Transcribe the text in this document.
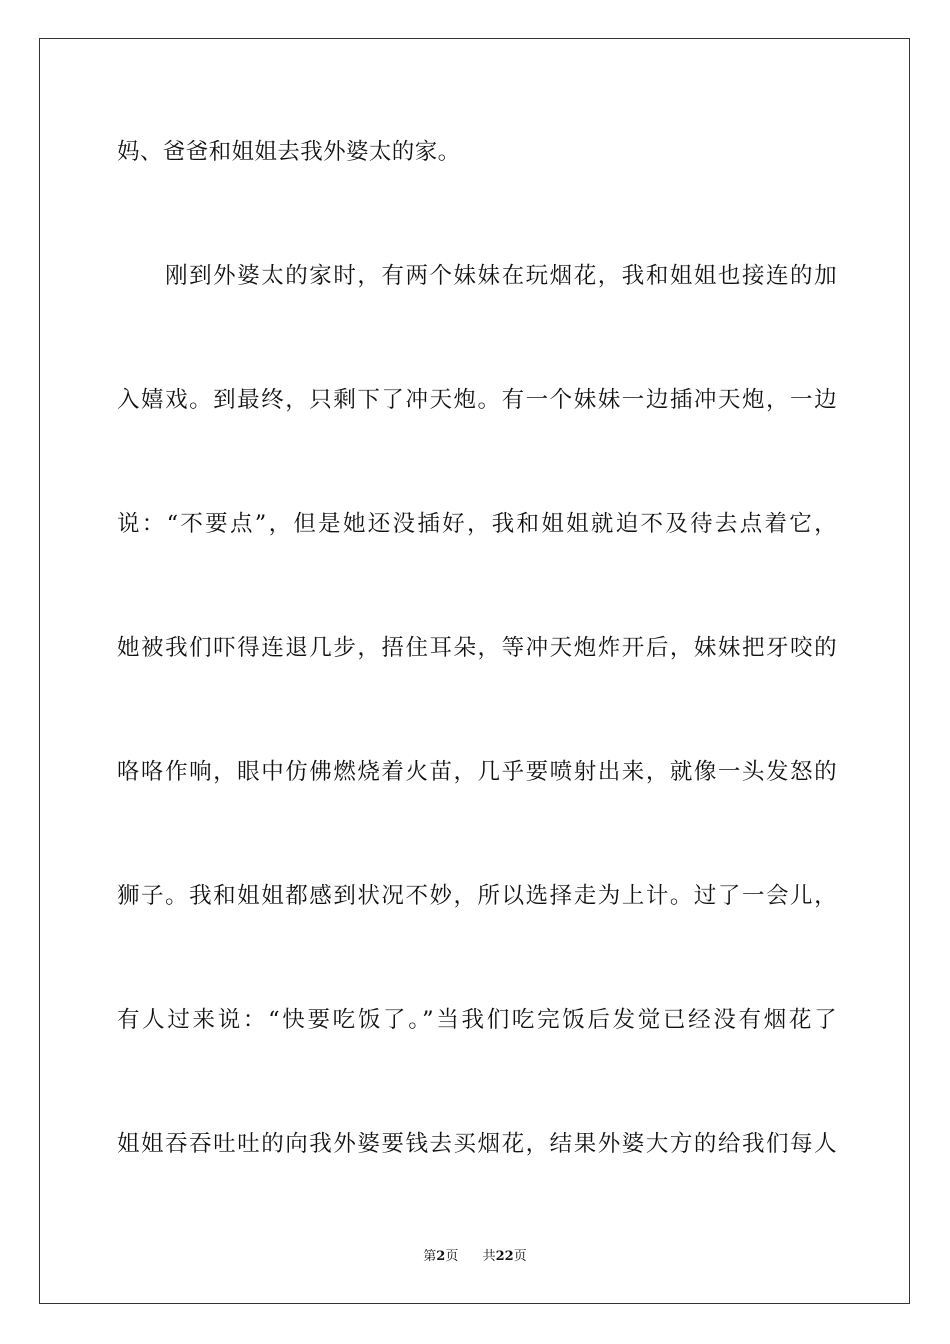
妈、爸爸和姐姐去我外婆太的家。
　　刚到外婆太的家时，有两个妹妹在玩烟花，我和姐姐也接连的加
入嬉戏。到最终，只剩下了冲天炮。有一个妹妹一边插冲天炮，一边
说：“不要点”，但是她还没插好，我和姐姐就迫不及待去点着它，
她被我们吓得连退几步，捂住耳朵，等冲天炮炸开后，妹妹把牙咬的
咯咯作响，眼中仿佛燃烧着火苗，几乎要喷射出来，就像一头发怒的
狮子。我和姐姐都感到状况不妙，所以选择走为上计。过了一会儿，
有人过来说：“快要吃饭了。”当我们吃完饭后发觉已经没有烟花了
姐姐吞吞吐吐的向我外婆要钱去买烟花，结果外婆大方的给我们每人
第2页 共22页
